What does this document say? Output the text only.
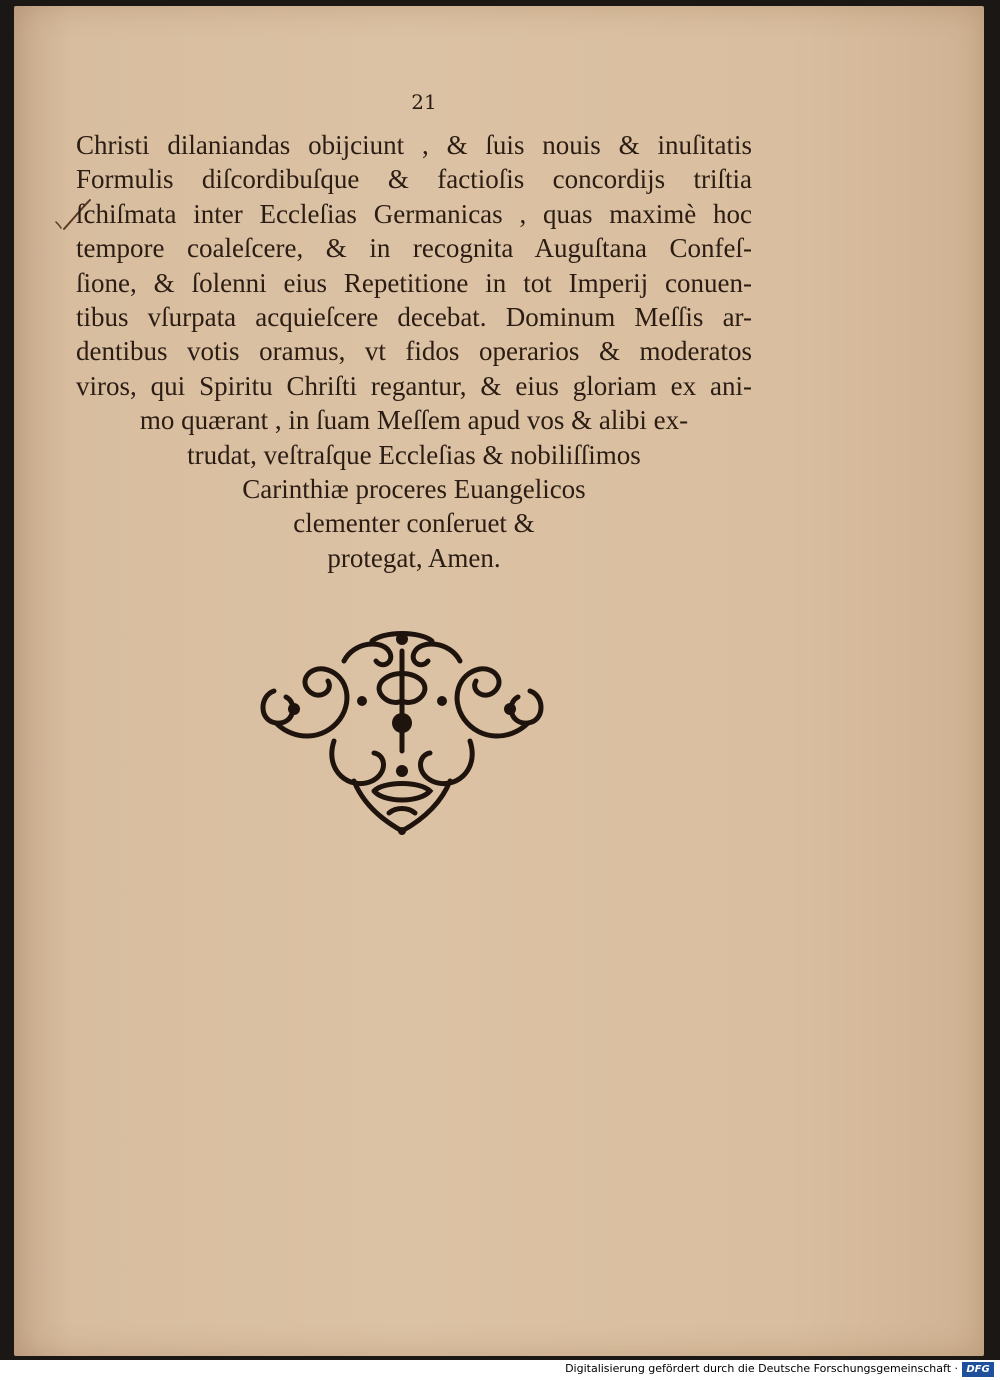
21
Christi dilaniandas obijciunt , & ſuis nouis & inuſitatis
Formulis diſcordibuſque & factioſis concordijs triſtia
ſchiſmata inter Eccleſias Germanicas , quas maximè hoc
tempore coaleſcere, & in recognita Auguſtana Confeſ-
ſione, & ſolenni eius Repetitione in tot Imperij conuen-
tibus vſurpata acquieſcere decebat. Dominum Meſſis ar-
dentibus votis oramus, vt fidos operarios & moderatos
viros, qui Spiritu Chriſti regantur, & eius gloriam ex ani-
mo quærant , in ſuam Meſſem apud vos & alibi ex-
trudat, veſtraſque Eccleſias & nobiliſſimos
Carinthiæ proceres Euangelicos
clementer conſeruet &
protegat, Amen.
Digitalisierung gefördert durch die Deutsche Forschungsgemeinschaft · DFG
